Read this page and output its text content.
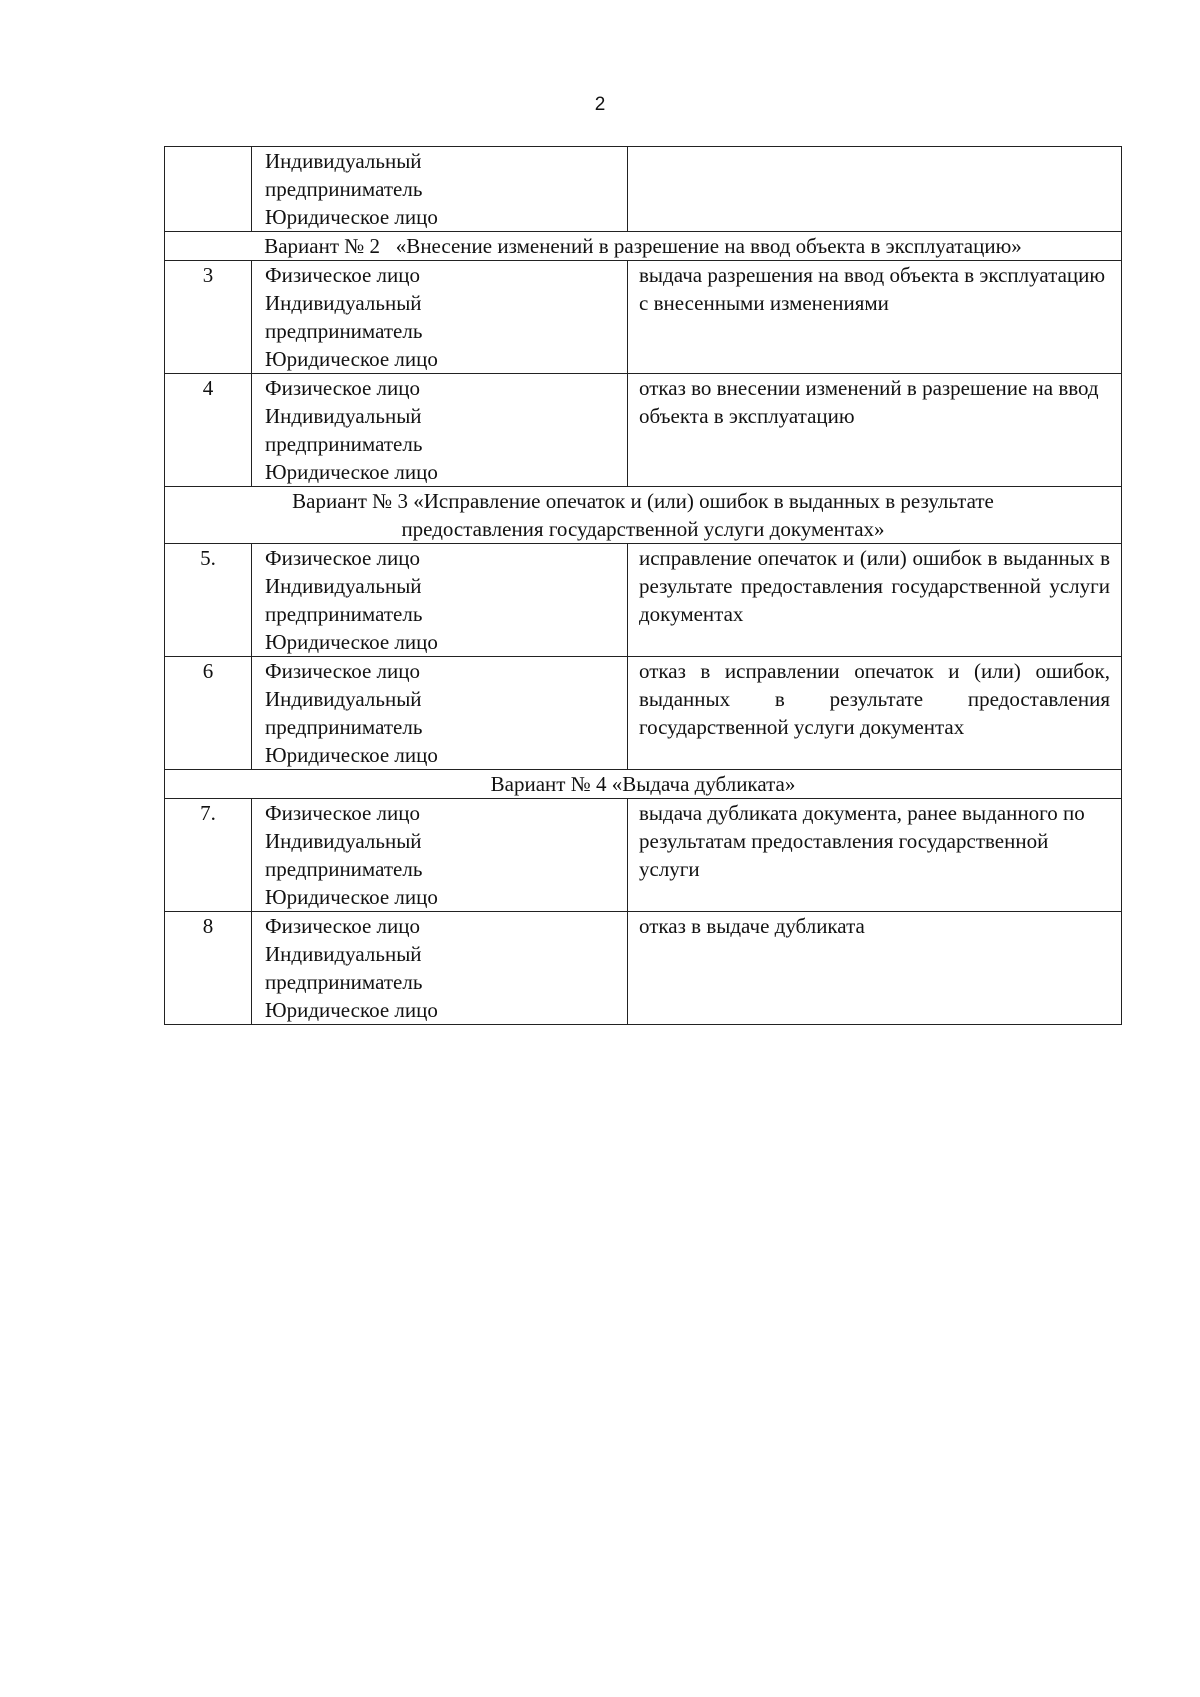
2

	Индивидуальный
предприниматель
Юридическое лицо	

Вариант № 2   «Внесение изменений в разрешение на ввод объекта в эксплуатацию»		
3	Физическое лицо
Индивидуальный
предприниматель
Юридическое лицо	выдача разрешения на ввод объекта в эксплуатацию с внесенными изменениями
4	Физическое лицо
Индивидуальный
предприниматель
Юридическое лицо	отказ во внесении изменений в разрешение на ввод объекта в эксплуатацию

Вариант № 3 «Исправление опечаток и (или) ошибок в выданных в результате
предоставления государственной услуги документах»		

5.	Физическое лицо
Индивидуальный
предприниматель
Юридическое лицо	исправление опечаток и (или) ошибок в выданных в результате предоставления государственной услуги документах
6	Физическое лицо
Индивидуальный
предприниматель
Юридическое лицо	отказ в исправлении опечаток и (или) ошибок, выданных в результате предоставления государственной услуги документах
Вариант № 4 «Выдача дубликата»		
7.	Физическое лицо
Индивидуальный
предприниматель
Юридическое лицо	выдача дубликата документа, ранее выданного по результатам предоставления государственной услуги
8	Физическое лицо
Индивидуальный
предприниматель
Юридическое лицо	отказ в выдаче дубликата
